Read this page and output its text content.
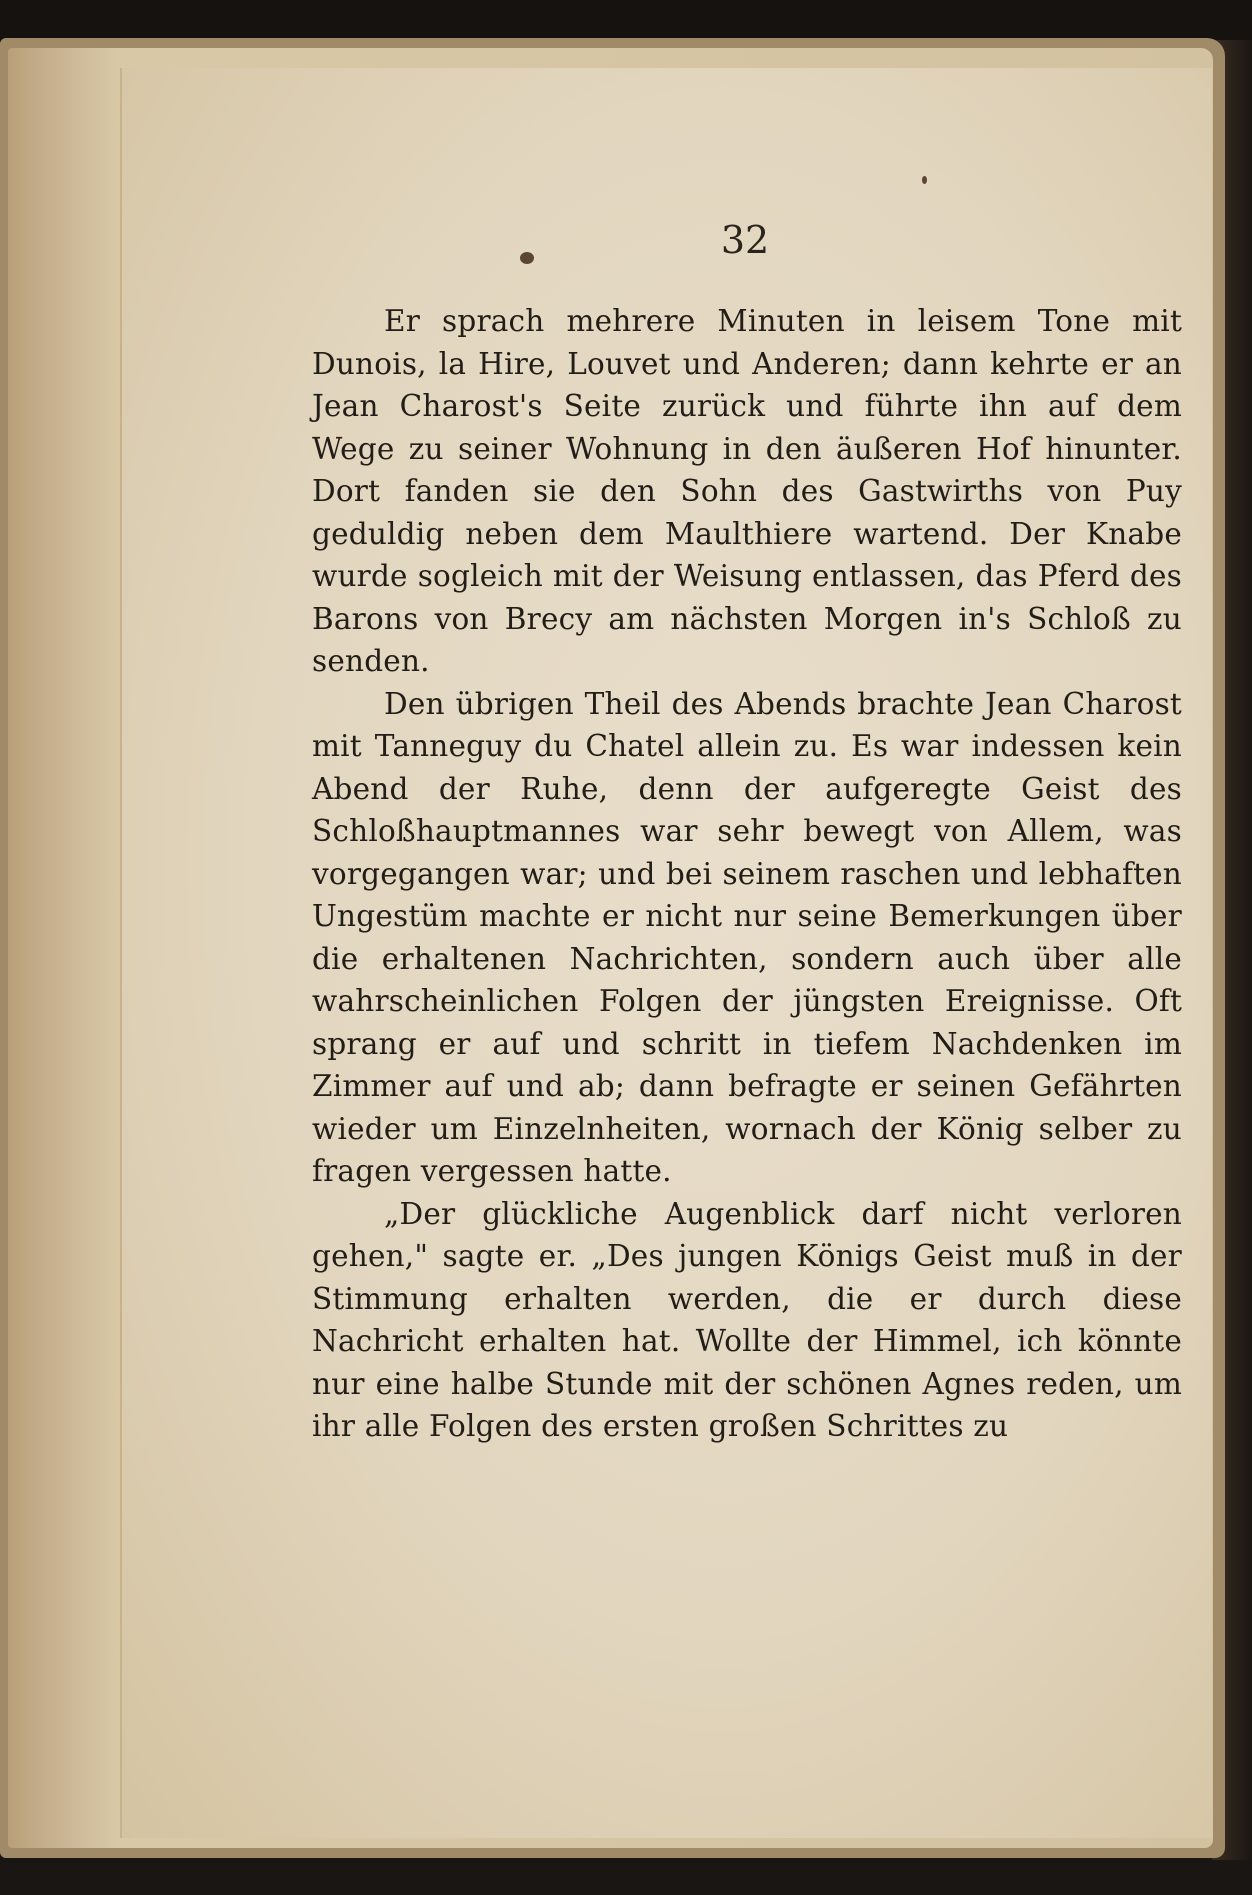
32

Er sprach mehrere Minuten in leisem Tone mit Dunois, la Hire, Louvet und Anderen; dann kehrte er an Jean Charost's Seite zurück und führte ihn auf dem Wege zu seiner Wohnung in den äußeren Hof hinunter. Dort fanden sie den Sohn des Gastwirths von Puy geduldig neben dem Maulthiere wartend. Der Knabe wurde sogleich mit der Weisung entlassen, das Pferd des Barons von Brecy am nächsten Morgen in's Schloß zu senden.

Den übrigen Theil des Abends brachte Jean Charost mit Tanneguy du Chatel allein zu. Es war indessen kein Abend der Ruhe, denn der aufgeregte Geist des Schloßhauptmannes war sehr bewegt von Allem, was vorgegangen war; und bei seinem raschen und lebhaften Ungestüm machte er nicht nur seine Bemerkungen über die erhaltenen Nachrichten, sondern auch über alle wahrscheinlichen Folgen der jüngsten Ereignisse. Oft sprang er auf und schritt in tiefem Nachdenken im Zimmer auf und ab; dann befragte er seinen Gefährten wieder um Einzelnheiten, wornach der König selber zu fragen vergessen hatte.

„Der glückliche Augenblick darf nicht verloren gehen," sagte er. „Des jungen Königs Geist muß in der Stimmung erhalten werden, die er durch diese Nachricht erhalten hat. Wollte der Himmel, ich könnte nur eine halbe Stunde mit der schönen Agnes reden, um ihr alle Folgen des ersten großen Schrittes zu
